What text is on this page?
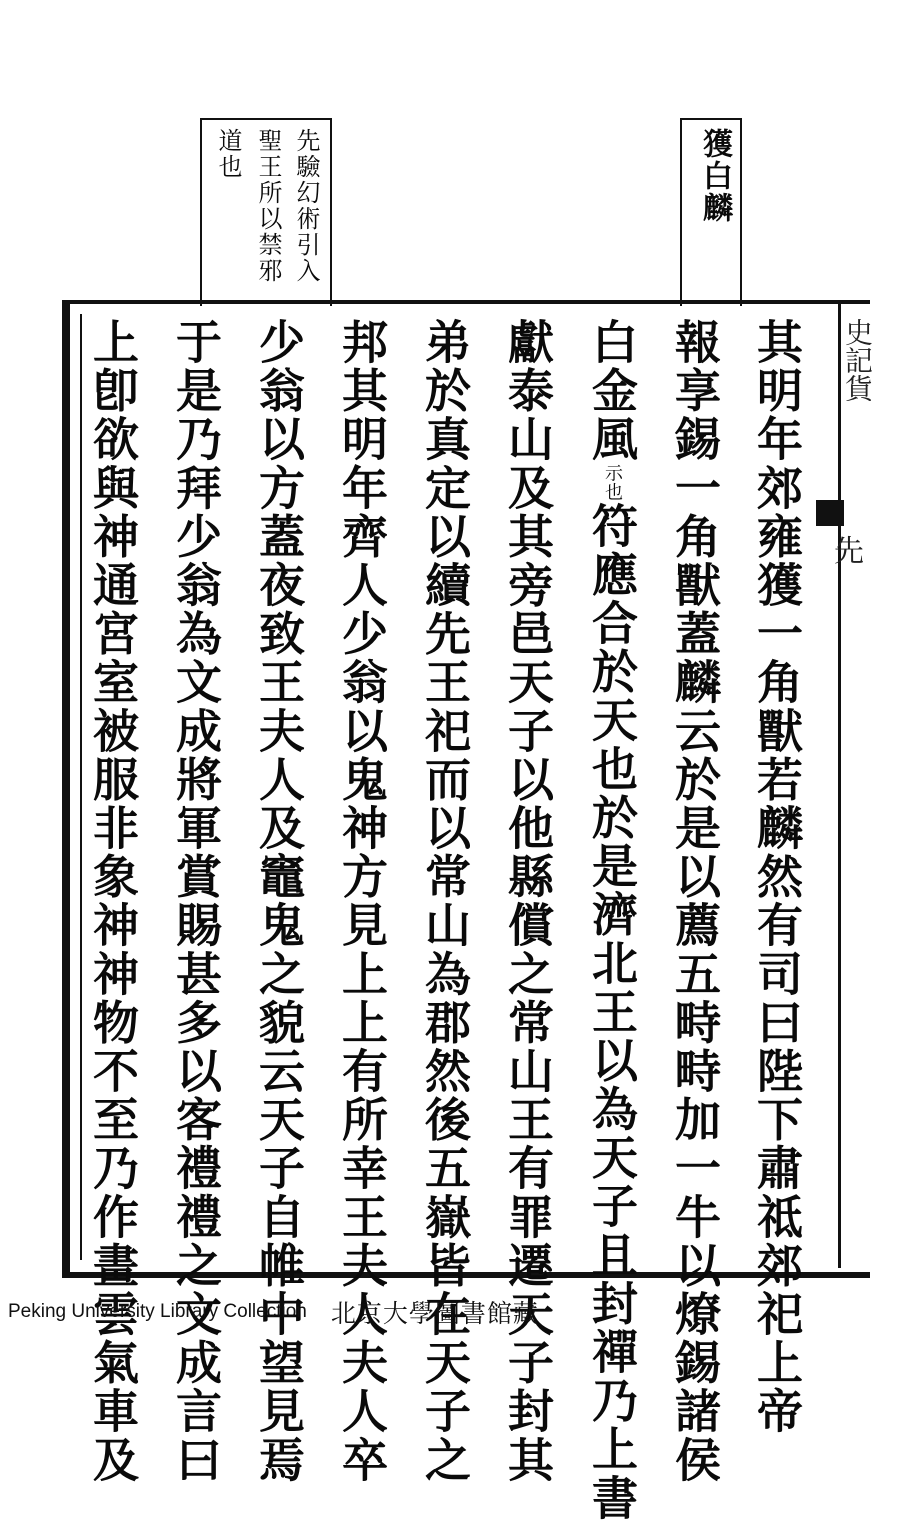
先驗幻術引入
聖王所以禁邪
道也	獲白麟
史記貨
先
其明年郊雍獲一角獸若麟然有司曰陛下肅祗郊祀上帝
報享錫一角獸蓋麟云於是以薦五畤畤加一牛以燎錫諸侯
白金風示也符應合於天也於是濟北王以為天子且封禪乃上書
獻泰山及其旁邑天子以他縣償之常山王有罪遷天子封其
弟於真定以續先王祀而以常山為郡然後五嶽皆在天子之
邦其明年齊人少翁以鬼神方見上上有所幸王夫人夫人卒
少翁以方蓋夜致王夫人及竈鬼之貌云天子自帷中望見焉
于是乃拜少翁為文成將軍賞賜甚多以客禮禮之文成言曰
上卽欲與神通宮室被服非象神神物不至乃作畫雲氣車及
Peking University Library Collection 北京大學圖書館藏
